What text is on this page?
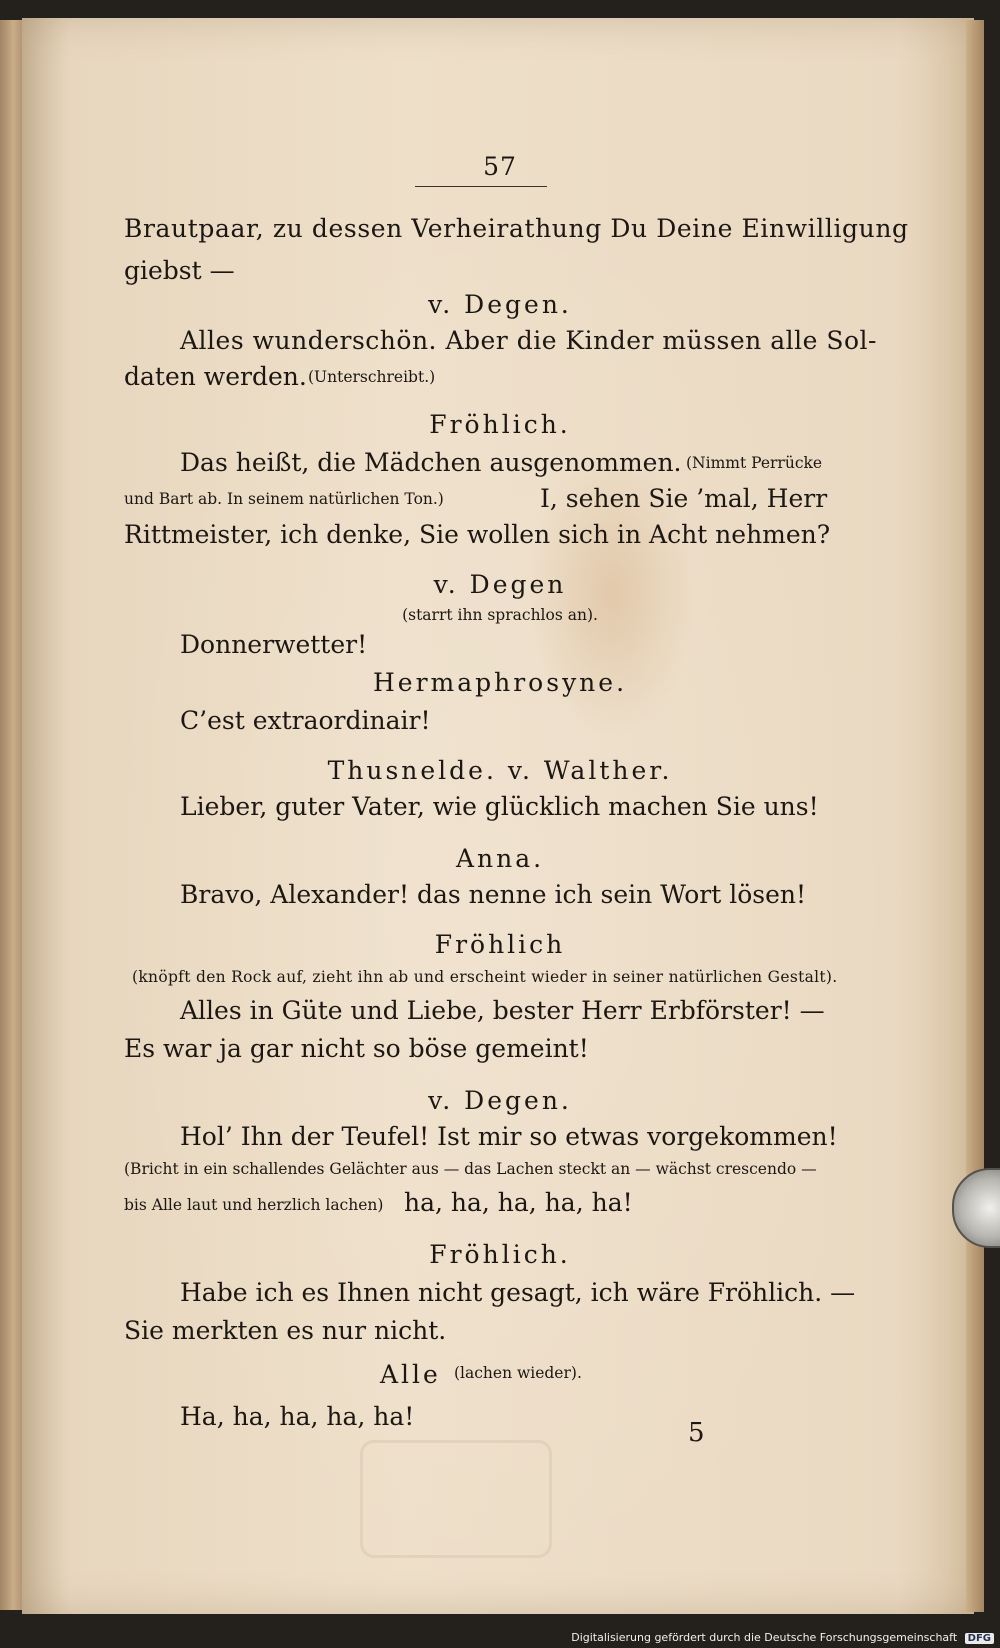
57
Brautpaar, zu dessen Verheirathung Du Deine Einwilligung
giebst —
v. Degen.
Alles wunderschön. Aber die Kinder müssen alle Sol-
daten werden. (Unterschreibt.)
Fröhlich.
Das heißt, die Mädchen ausgenommen. (Nimmt Perrücke
und Bart ab. In seinem natürlichen Ton.)	I, sehen Sie ’mal, Herr
Rittmeister, ich denke, Sie wollen sich in Acht nehmen?
v. Degen
(starrt ihn sprachlos an).
Donnerwetter!
Hermaphrosyne.
C’est extraordinair!
Thusnelde. v. Walther.
Lieber, guter Vater, wie glücklich machen Sie uns!
Anna.
Bravo, Alexander! das nenne ich sein Wort lösen!
Fröhlich
(knöpft den Rock auf, zieht ihn ab und erscheint wieder in seiner natürlichen Gestalt).
Alles in Güte und Liebe, bester Herr Erbförster! —
Es war ja gar nicht so böse gemeint!
v. Degen.
Hol’ Ihn der Teufel! Ist mir so etwas vorgekommen!
(Bricht in ein schallendes Gelächter aus — das Lachen steckt an — wächst crescendo —
bis Alle laut und herzlich lachen) ha, ha, ha, ha, ha!
Fröhlich.
Habe ich es Ihnen nicht gesagt, ich wäre Fröhlich. —
Sie merkten es nur nicht.
Alle (lachen wieder).
Ha, ha, ha, ha, ha!
5
Digitalisierung gefördert durch die Deutsche Forschungsgemeinschaft DFG
